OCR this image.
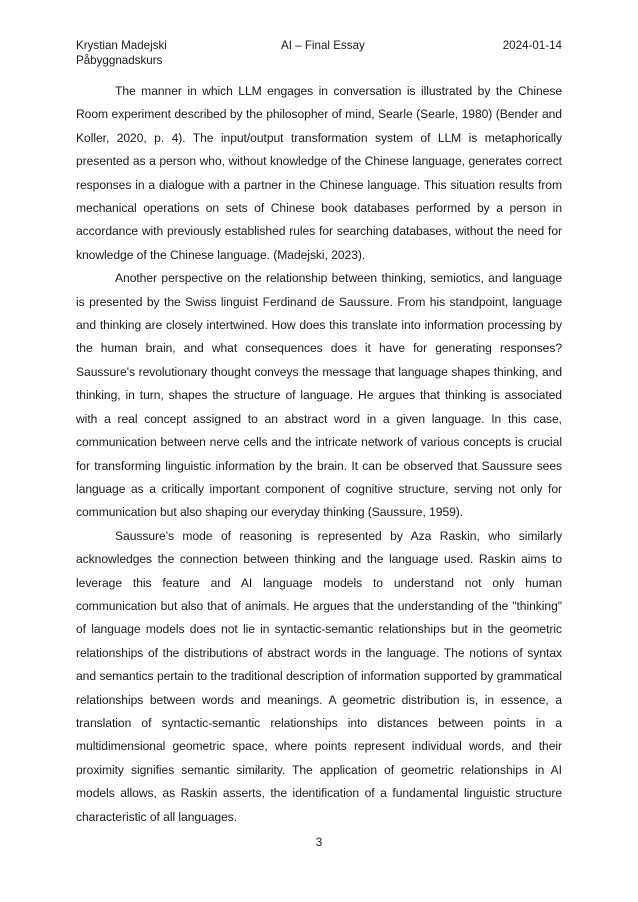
Krystian Madejski	AI – Final Essay	2024-01-14
Påbyggnadskurs

The manner in which LLM engages in conversation is illustrated by the Chinese Room experiment described by the philosopher of mind, Searle (Searle, 1980) (Bender and Koller, 2020, p. 4). The input/output transformation system of LLM is metaphorically presented as a person who, without knowledge of the Chinese language, generates correct responses in a dialogue with a partner in the Chinese language. This situation results from mechanical operations on sets of Chinese book databases performed by a person in accordance with previously established rules for searching databases, without the need for knowledge of the Chinese language. (Madejski, 2023).

Another perspective on the relationship between thinking, semiotics, and language is presented by the Swiss linguist Ferdinand de Saussure. From his standpoint, language and thinking are closely intertwined. How does this translate into information processing by the human brain, and what consequences does it have for generating responses? Saussure's revolutionary thought conveys the message that language shapes thinking, and thinking, in turn, shapes the structure of language. He argues that thinking is associated with a real concept assigned to an abstract word in a given language. In this case, communication between nerve cells and the intricate network of various concepts is crucial for transforming linguistic information by the brain. It can be observed that Saussure sees language as a critically important component of cognitive structure, serving not only for communication but also shaping our everyday thinking (Saussure, 1959).

Saussure's mode of reasoning is represented by Aza Raskin, who similarly acknowledges the connection between thinking and the language used. Raskin aims to leverage this feature and AI language models to understand not only human communication but also that of animals. He argues that the understanding of the "thinking" of language models does not lie in syntactic-semantic relationships but in the geometric relationships of the distributions of abstract words in the language. The notions of syntax and semantics pertain to the traditional description of information supported by grammatical relationships between words and meanings. A geometric distribution is, in essence, a translation of syntactic-semantic relationships into distances between points in a multidimensional geometric space, where points represent individual words, and their proximity signifies semantic similarity. The application of geometric relationships in AI models allows, as Raskin asserts, the identification of a fundamental linguistic structure characteristic of all languages.

3
